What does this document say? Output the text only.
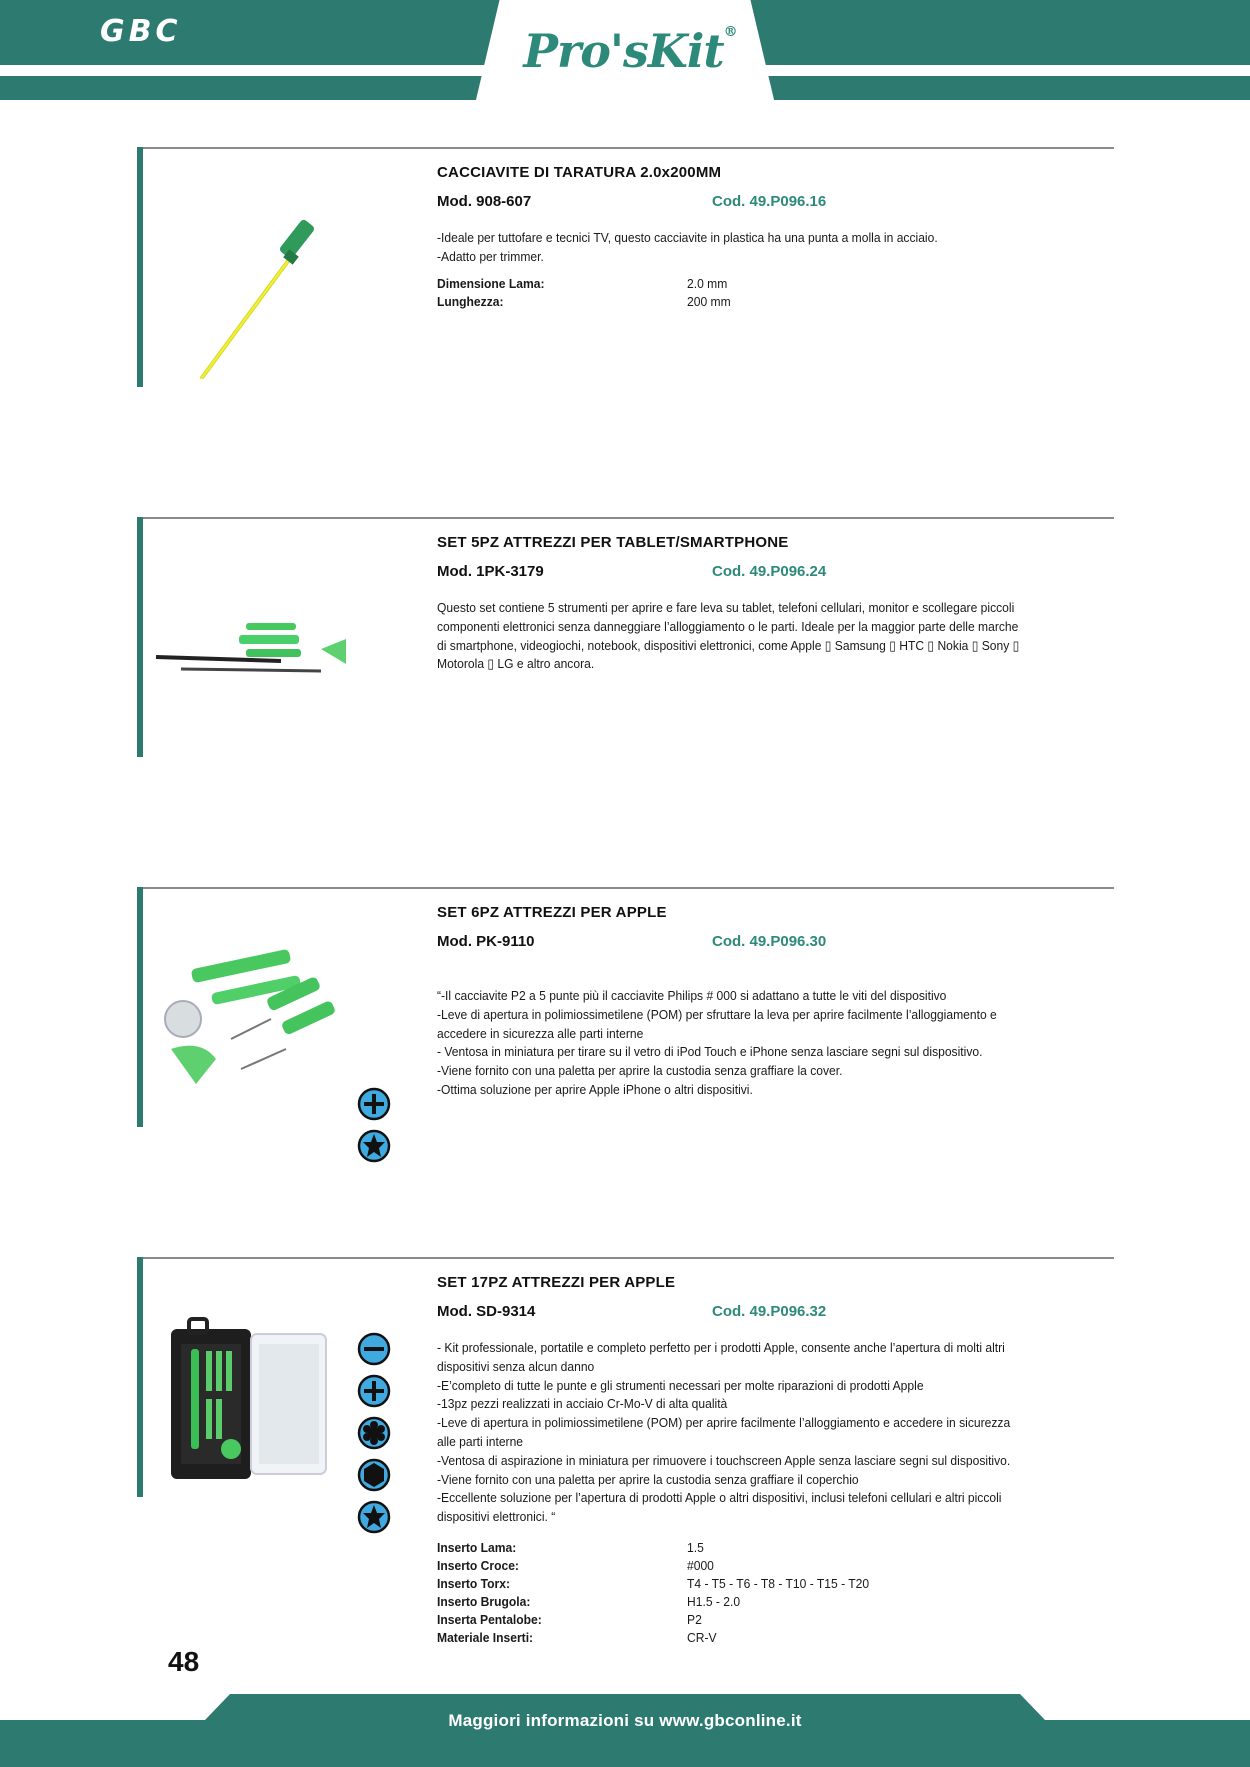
GBC	Pro'sKit®
CACCIAVITE DI TARATURA 2.0x200MM
Mod. 908-607	Cod. 49.P096.16
-Ideale per tuttofare e tecnici TV, questo cacciavite in plastica ha una punta a molla in acciaio.
-Adatto per trimmer.
Dimensione Lama:	2.0 mm
Lunghezza:	200 mm
SET 5PZ ATTREZZI PER TABLET/SMARTPHONE
Mod. 1PK-3179	Cod. 49.P096.24
Questo set contiene 5 strumenti per aprire e fare leva su tablet, telefoni cellulari, monitor e scollegare piccoli
componenti elettronici senza danneggiare l’alloggiamento o le parti. Ideale per la maggior parte delle marche
di smartphone, videogiochi, notebook, dispositivi elettronici, come Apple ▯ Samsung ▯ HTC ▯ Nokia ▯ Sony ▯
Motorola ▯ LG e altro ancora.
SET 6PZ ATTREZZI PER APPLE
Mod. PK-9110	Cod. 49.P096.30
“-Il cacciavite P2 a 5 punte più il cacciavite Philips # 000 si adattano a tutte le viti del dispositivo
-Leve di apertura in polimiossimetilene (POM) per sfruttare la leva per aprire facilmente l’alloggiamento e
accedere in sicurezza alle parti interne
- Ventosa in miniatura per tirare su il vetro di iPod Touch e iPhone senza lasciare segni sul dispositivo.
-Viene fornito con una paletta per aprire la custodia senza graffiare la cover.
-Ottima soluzione per aprire Apple iPhone o altri dispositivi.
SET 17PZ ATTREZZI PER APPLE
Mod. SD-9314	Cod. 49.P096.32
- Kit professionale, portatile e completo perfetto per i prodotti Apple, consente anche l’apertura di molti altri
dispositivi senza alcun danno
-E’completo di tutte le punte e gli strumenti necessari per molte riparazioni di prodotti Apple
-13pz pezzi realizzati in acciaio Cr-Mo-V di alta qualità
-Leve di apertura in polimiossimetilene (POM) per aprire facilmente l’alloggiamento e accedere in sicurezza
alle parti interne
-Ventosa di aspirazione in miniatura per rimuovere i touchscreen Apple senza lasciare segni sul dispositivo.
-Viene fornito con una paletta per aprire la custodia senza graffiare il coperchio
-Eccellente soluzione per l’apertura di prodotti Apple o altri dispositivi, inclusi telefoni cellulari e altri piccoli
dispositivi elettronici. “
Inserto Lama:	1.5
Inserto Croce:	#000
Inserto Torx:	T4 - T5 - T6 - T8 - T10 - T15 - T20
Inserto Brugola:	H1.5 - 2.0
Inserta Pentalobe:	P2
Materiale Inserti:	CR-V
48
Maggiori informazioni su www.gbconline.it
